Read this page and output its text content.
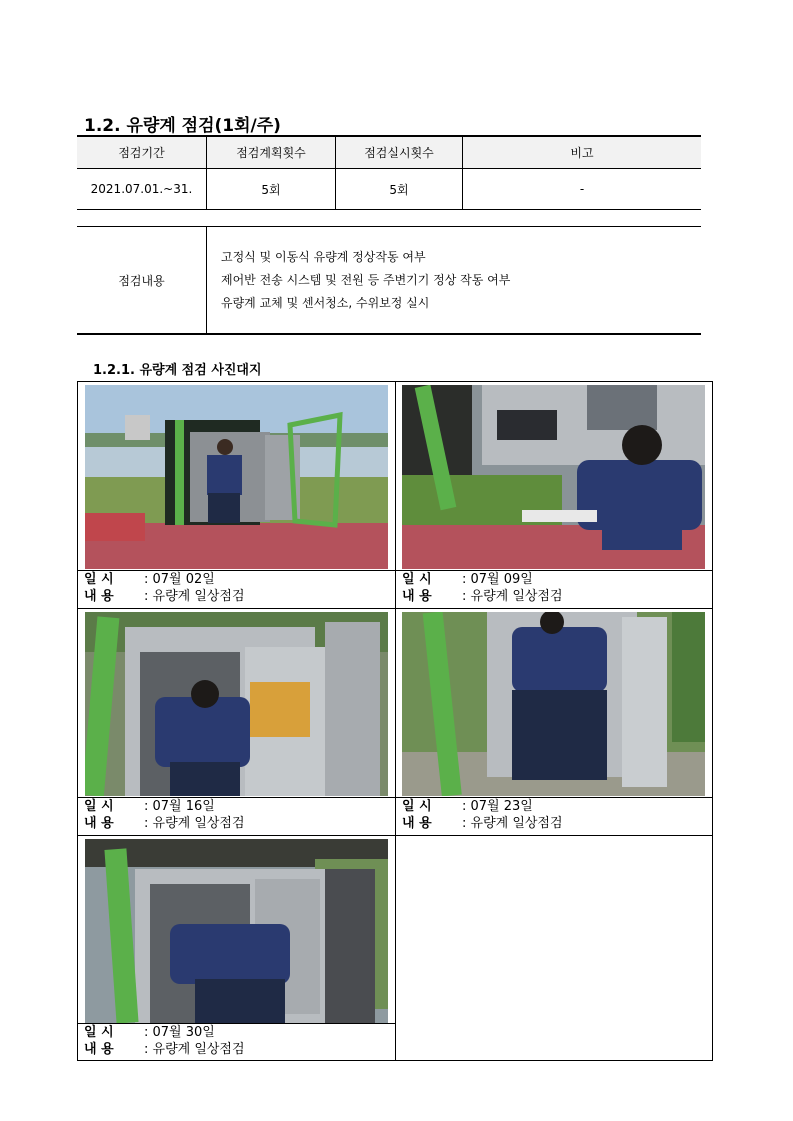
1.2. 유량계 점검(1회/주)
점검기간	점검계획횟수	점검실시횟수	비고
2021.07.01.~31.	5회	5회	-
점검내용	
고정식 및 이동식 유량계 정상작동 여부
제어반 전송 시스템 및 전원 등 주변기기 정상 작동 여부
유량계 교체 및 센서청소, 수위보정 실시
1.2.1. 유량계 점검 사진대지
일 시 : 07월 02일
내 용 : 유량계 일상점검
일 시 : 07월 09일
내 용 : 유량계 일상점검
일 시 : 07월 16일
내 용 : 유량계 일상점검
일 시 : 07월 23일
내 용 : 유량계 일상점검
일 시 : 07월 30일
내 용 : 유량계 일상점검
